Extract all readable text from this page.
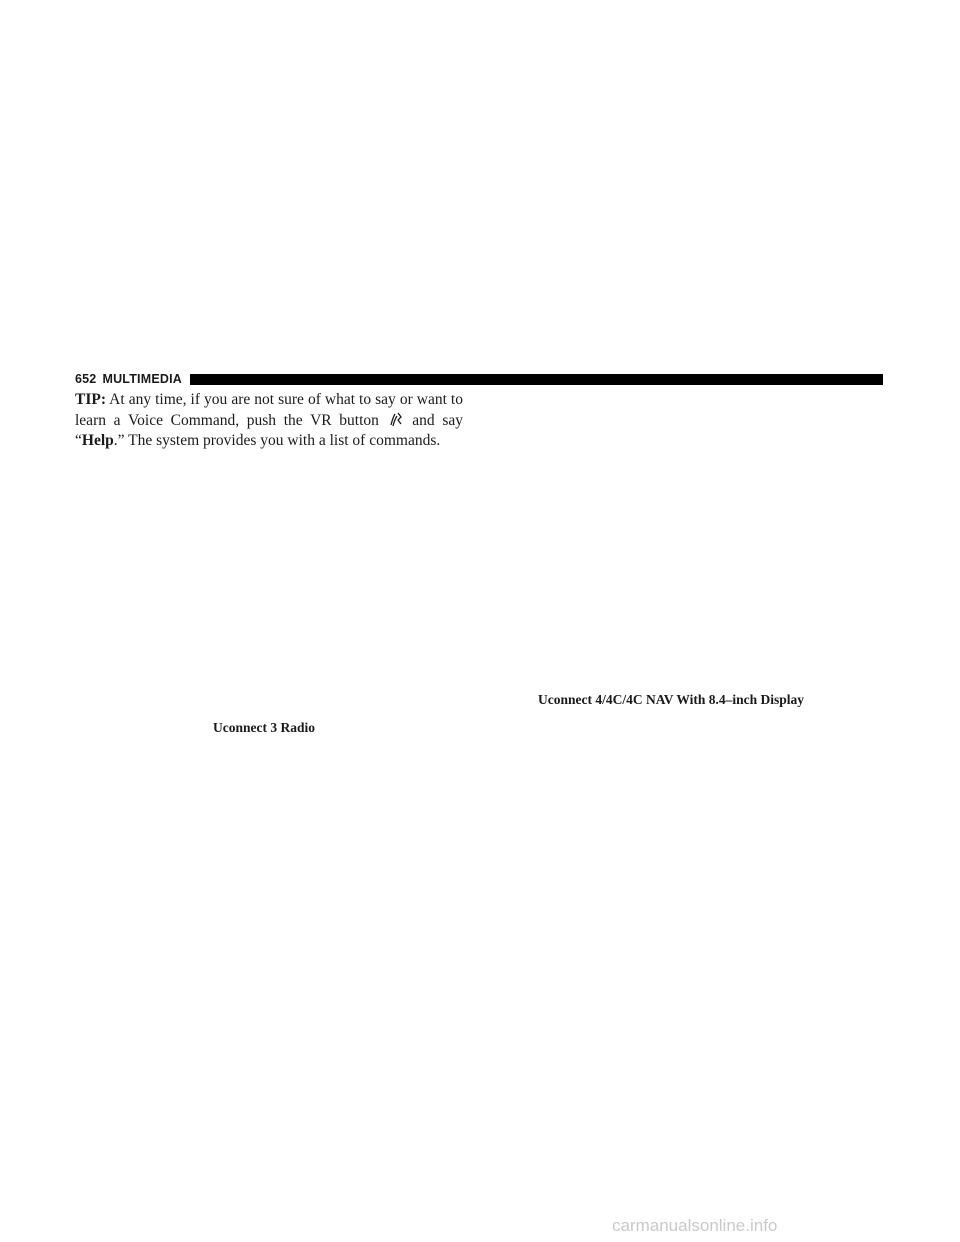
652 MULTIMEDIA

TIP: At any time, if you are not sure of what to say or want to learn a Voice Command, push the VR button and say “Help.” The system provides you with a list of commands.

Uconnect 3 Radio
Uconnect 4/4C/4C NAV With 8.4–inch Display
carmanualsonline.info
